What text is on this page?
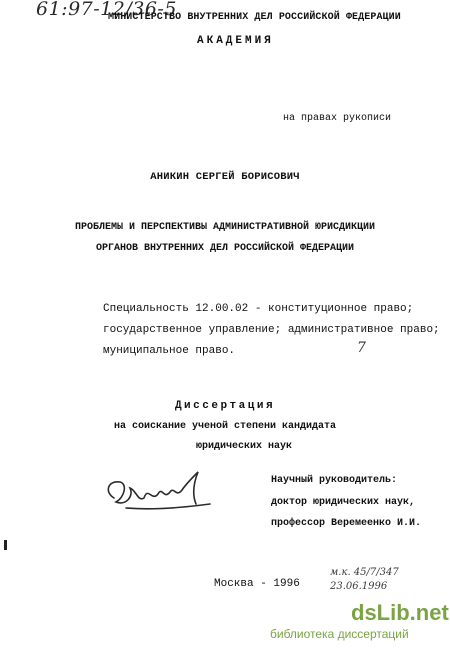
61:97-12/36-5
МИНИСТЕРСТВО ВНУТРЕННИХ ДЕЛ РОССИЙСКОЙ ФЕДЕРАЦИИ
АКАДЕМИЯ
на правах рукописи
АНИКИН СЕРГЕЙ БОРИСОВИЧ
ПРОБЛЕМЫ И ПЕРСПЕКТИВЫ АДМИНИСТРАТИВНОЙ ЮРИСДИКЦИИ
ОРГАНОВ ВНУТРЕННИХ ДЕЛ РОССИЙСКОЙ ФЕДЕРАЦИИ
Специальность 12.00.02 - конституционное право;
государственное управление; административное право;
муниципальное право.	7
Диссертация
на соискание ученой степени кандидата
юридических наук
Научный руководитель:
доктор юридических наук,
профессор Веремеенко И.И.
Москва - 1996
м.к. 45/7/347
23.06.1996
dsLib.net
библиотека диссертаций
